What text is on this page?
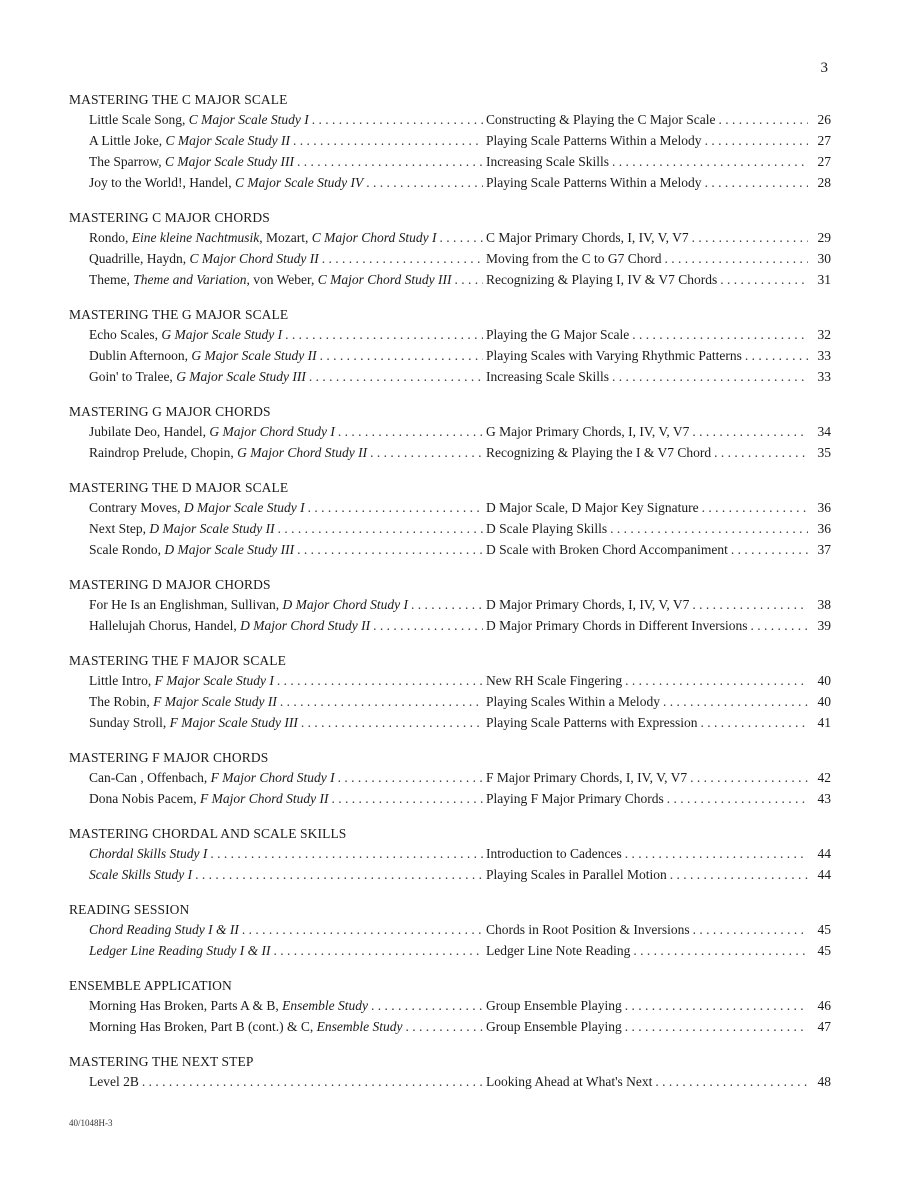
3
MASTERING THE C MAJOR SCALE
Little Scale Song, C Major Scale Study I . . .	Constructing & Playing the C Major Scale . . .	26
A Little Joke, C Major Scale Study II . . .	Playing Scale Patterns Within a Melody . . .	27
The Sparrow, C Major Scale Study III . . .	Increasing Scale Skills . . .	27
Joy to the World!, Handel, C Major Scale Study IV . . .	Playing Scale Patterns Within a Melody . . .	28
MASTERING C MAJOR CHORDS
Rondo, Eine kleine Nachtmusik, Mozart, C Major Chord Study I . . .	C Major Primary Chords, I, IV, V, V7 . . .	29
Quadrille, Haydn, C Major Chord Study II . . .	Moving from the C to G7 Chord . . .	30
Theme, Theme and Variation, von Weber, C Major Chord Study III . . .	Recognizing & Playing I, IV & V7 Chords . . .	31
MASTERING THE G MAJOR SCALE
Echo Scales, G Major Scale Study I . . .	Playing the G Major Scale . . .	32
Dublin Afternoon, G Major Scale Study II . . .	Playing Scales with Varying Rhythmic Patterns . . .	33
Goin' to Tralee, G Major Scale Study III . . .	Increasing Scale Skills . . .	33
MASTERING G MAJOR CHORDS
Jubilate Deo, Handel, G Major Chord Study I . . .	G Major Primary Chords, I, IV, V, V7 . . .	34
Raindrop Prelude, Chopin, G Major Chord Study II . . .	Recognizing & Playing the I & V7 Chord . . .	35
MASTERING THE D MAJOR SCALE
Contrary Moves, D Major Scale Study I . . .	D Major Scale, D Major Key Signature . . .	36
Next Step, D Major Scale Study II . . .	D Scale Playing Skills . . .	36
Scale Rondo, D Major Scale Study III . . .	D Scale with Broken Chord Accompaniment . . .	37
MASTERING D MAJOR CHORDS
For He Is an Englishman, Sullivan, D Major Chord Study I . . .	D Major Primary Chords, I, IV, V, V7 . . .	38
Hallelujah Chorus, Handel, D Major Chord Study II . . .	D Major Primary Chords in Different Inversions . . .	39
MASTERING THE F MAJOR SCALE
Little Intro, F Major Scale Study I . . .	New RH Scale Fingering . . .	40
The Robin, F Major Scale Study II . . .	Playing Scales Within a Melody . . .	40
Sunday Stroll, F Major Scale Study III . . .	Playing Scale Patterns with Expression . . .	41
MASTERING F MAJOR CHORDS
Can-Can , Offenbach, F Major Chord Study I . . .	F Major Primary Chords, I, IV, V, V7 . . .	42
Dona Nobis Pacem, F Major Chord Study II . . .	Playing F Major Primary Chords . . .	43
MASTERING CHORDAL AND SCALE SKILLS
Chordal Skills Study I . . .	Introduction to Cadences . . .	44
Scale Skills Study I . . .	Playing Scales in Parallel Motion . . .	44
READING SESSION
Chord Reading Study I & II . . .	Chords in Root Position & Inversions . . .	45
Ledger Line Reading Study I & II . . .	Ledger Line Note Reading . . .	45
ENSEMBLE APPLICATION
Morning Has Broken, Parts A & B, Ensemble Study . . .	Group Ensemble Playing . . .	46
Morning Has Broken, Part B (cont.) & C, Ensemble Study . . .	Group Ensemble Playing . . .	47
MASTERING THE NEXT STEP
Level 2B . . .	Looking Ahead at What's Next . . .	48
40/1048H-3
